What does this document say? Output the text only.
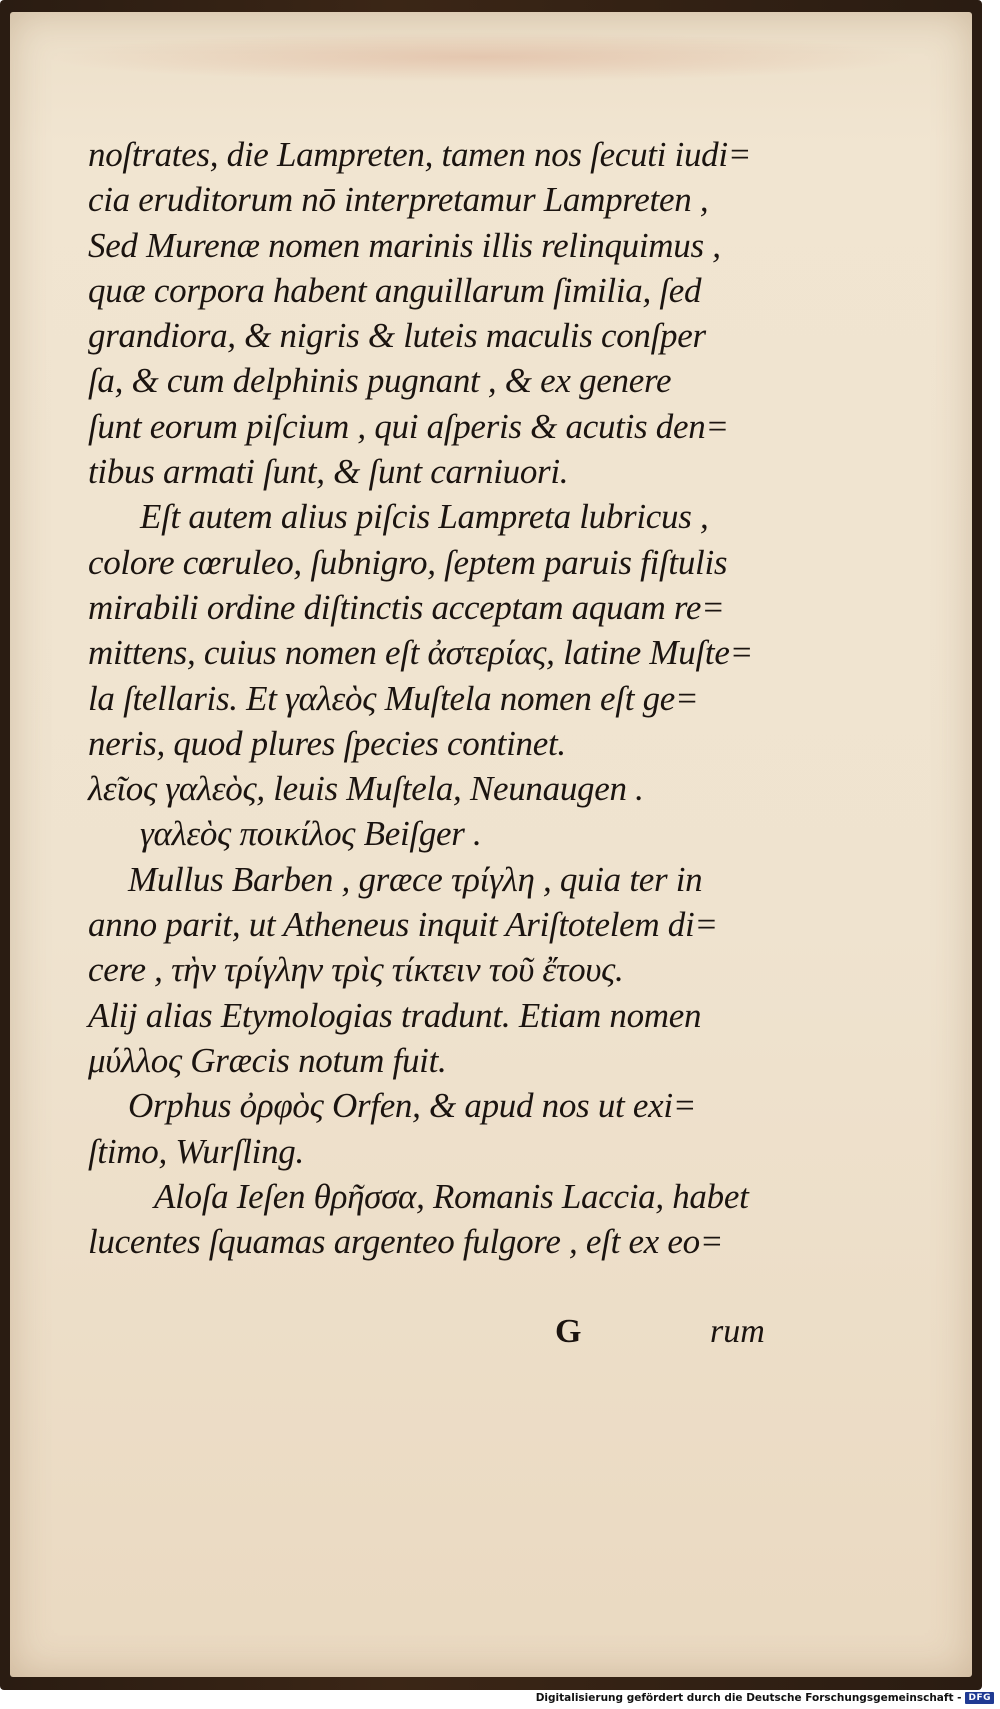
noſtrates, die Lampreten, tamen nos ſecuti iudi=
cia eruditorum nō interpretamur Lampreten ,
Sed Murenæ nomen marinis illis relinquimus ,
quæ corpora habent anguillarum ſimilia, ſed
grandiora, & nigris & luteis maculis conſper
ſa, & cum delphinis pugnant , & ex genere
ſunt eorum piſcium , qui aſperis & acutis den=
tibus armati ſunt, & ſunt carniuori.
Eſt autem alius piſcis Lampreta lubricus ,
colore cœruleo, ſubnigro, ſeptem paruis fiſtulis
mirabili ordine diſtinctis acceptam aquam re=
mittens, cuius nomen eſt ἀστερίας, latine Muſte=
la ſtellaris. Et γαλεὸς Muſtela nomen eſt ge=
neris, quod plures ſpecies continet.
λεῖος γαλεὸς, leuis Muſtela, Neunaugen .
γαλεὸς ποικίλος Beiſger .
Mullus Barben , græce τρίγλη , quia ter in
anno parit, ut Atheneus inquit Ariſtotelem di=
cere , τὴν τρίγλην τρὶς τίκτειν τοῦ ἔτους.
Alij alias Etymologias tradunt. Etiam nomen
μύλλος Græcis notum fuit.
Orphus ὀρφὸς Orfen, & apud nos ut exi=
ſtimo, Wurſling.
Aloſa Ieſen θρῆσσα, Romanis Laccia, habet
lucentes ſquamas argenteo fulgore , eſt ex eo=
G	rum
Digitalisierung gefördert durch die Deutsche Forschungsgemeinschaft - DFG
